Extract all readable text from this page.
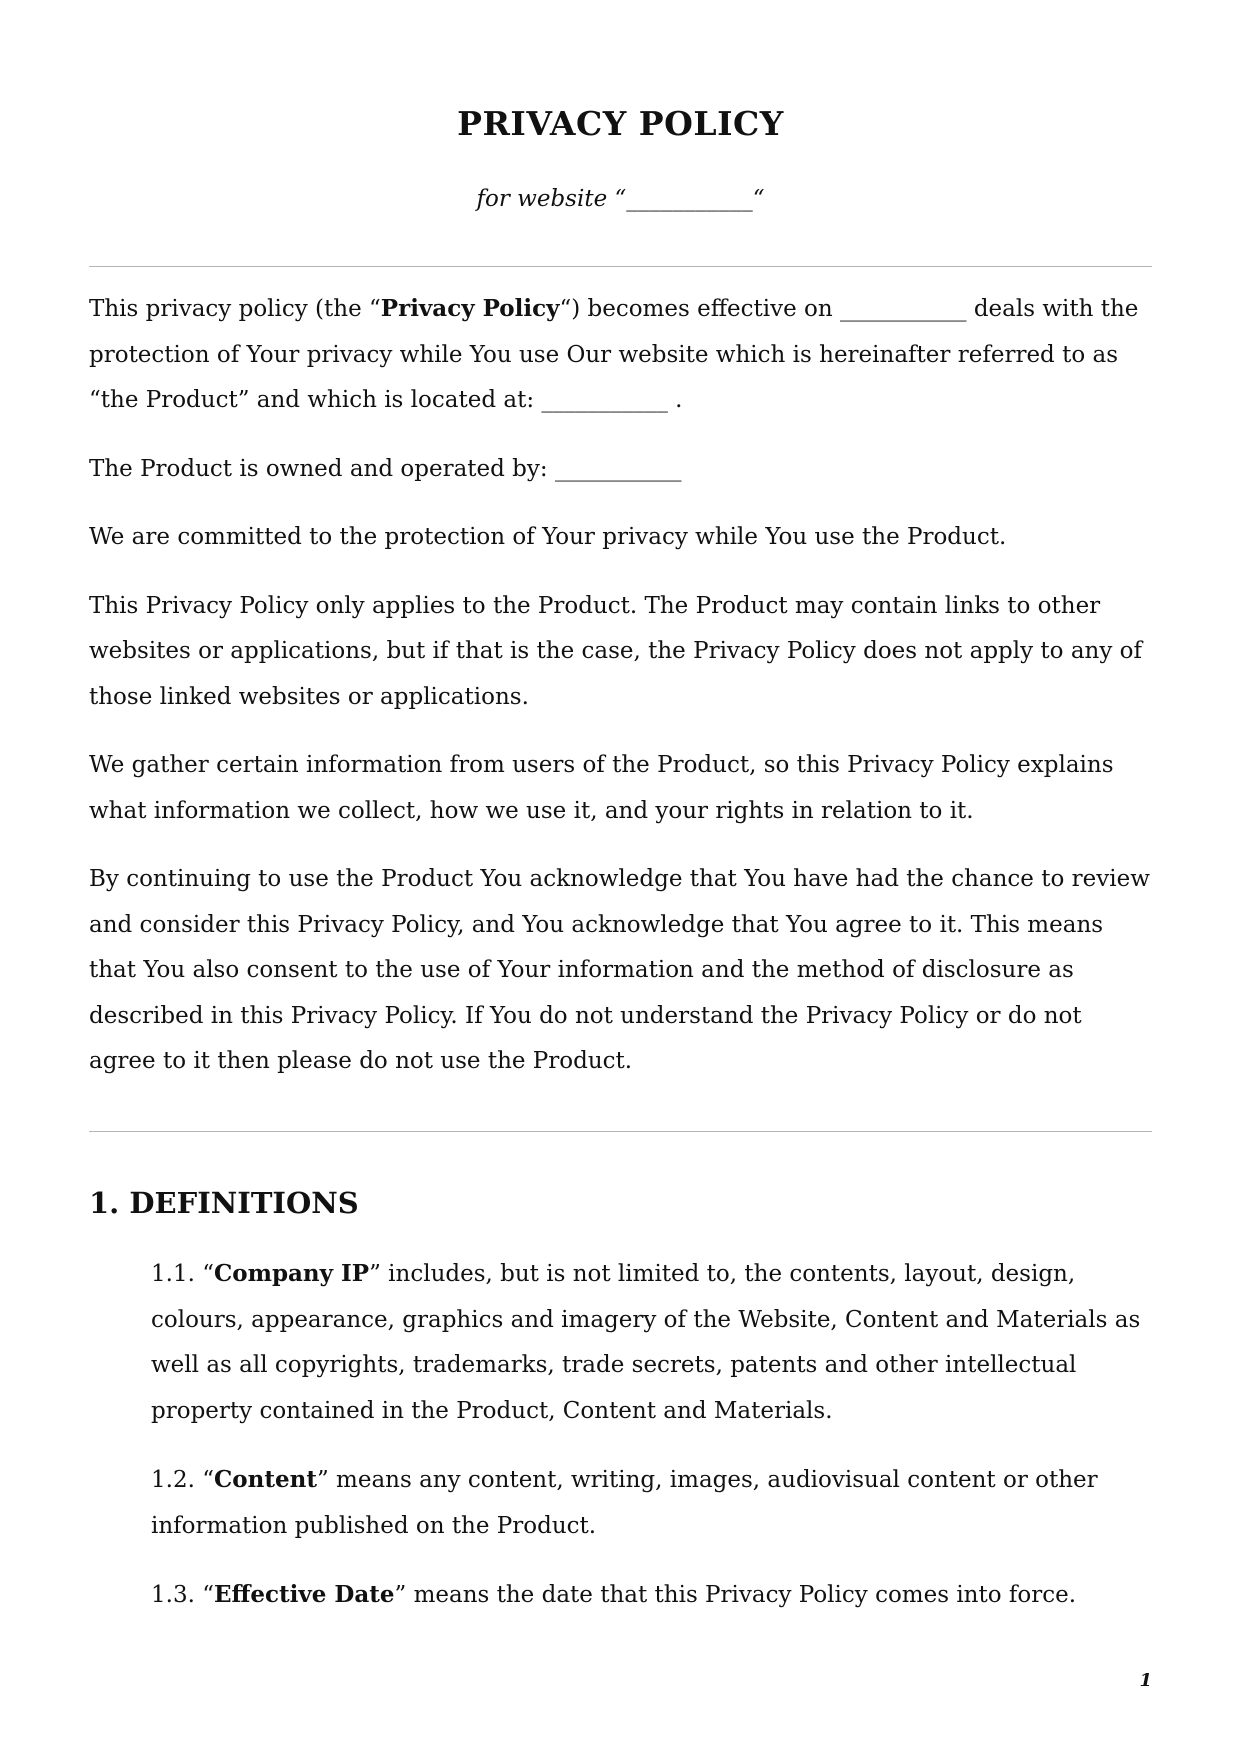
PRIVACY POLICY

for website “___________“

This privacy policy (the “Privacy Policy“) becomes effective on ___________ deals with the protection of Your privacy while You use Our website which is hereinafter referred to as “the Product” and which is located at: ___________ .

The Product is owned and operated by: ___________

We are committed to the protection of Your privacy while You use the Product.

This Privacy Policy only applies to the Product. The Product may contain links to other websites or applications, but if that is the case, the Privacy Policy does not apply to any of those linked websites or applications.

We gather certain information from users of the Product, so this Privacy Policy explains what information we collect, how we use it, and your rights in relation to it.

By continuing to use the Product You acknowledge that You have had the chance to review and consider this Privacy Policy, and You acknowledge that You agree to it. This means that You also consent to the use of Your information and the method of disclosure as described in this Privacy Policy. If You do not understand the Privacy Policy or do not agree to it then please do not use the Product.

1. DEFINITIONS

1.1. “Company IP” includes, but is not limited to, the contents, layout, design, colours, appearance, graphics and imagery of the Website, Content and Materials as well as all copyrights, trademarks, trade secrets, patents and other intellectual property contained in the Product, Content and Materials.

1.2. “Content” means any content, writing, images, audiovisual content or other information published on the Product.

1.3. “Effective Date” means the date that this Privacy Policy comes into force.

1
